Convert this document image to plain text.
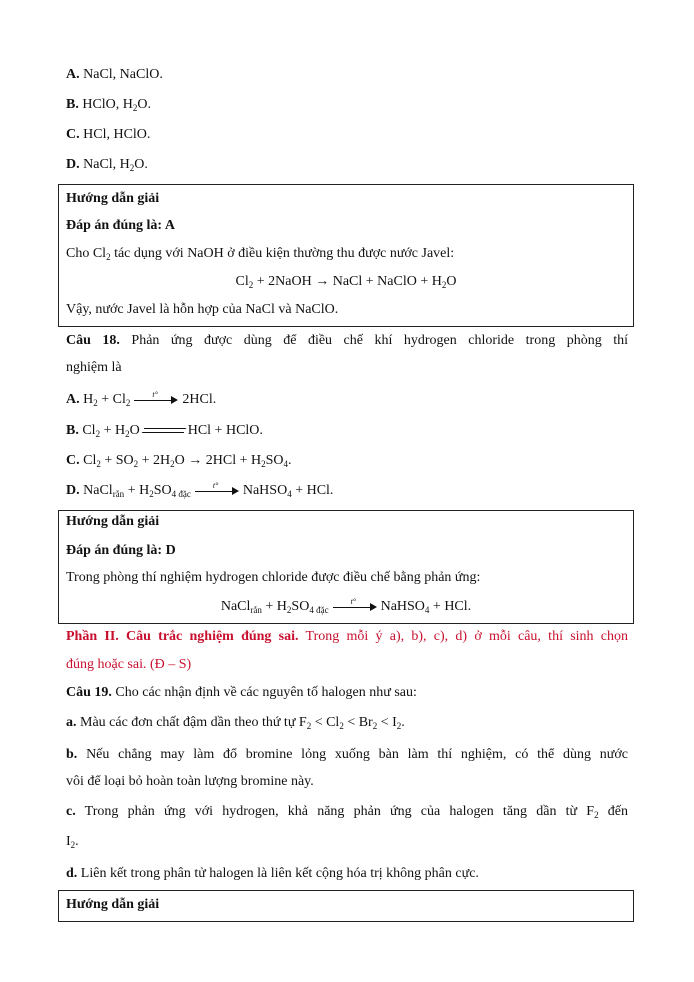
A. NaCl, NaClO.
B. HClO, $H_2O$.
C. HCl, HClO.
D. NaCl, $H_2O$.
Hướng dẫn giải
Đáp án đúng là: A
Cho $Cl_2$ tác dụng với NaOH ở điều kiện thường thu được nước Javel:
$Cl_2$ + 2NaOH → NaCl + NaClO + $H_2O$
Vậy, nước Javel là hỗn hợp của NaCl và NaClO.
Câu 18. Phản ứng được dùng để điều chế khí hydrogen chloride trong phòng thí
nghiệm là
A. $H_2 + Cl_2$
t° 2HCl.
B. $Cl_2 + H_2O$	HCl + HClO.
C. $Cl_2 + SO_2 + 2H_2O \to 2HCl + H_2SO_4$.
D. NaCl$_{rắn}$ + $H_2SO_{4 đặc}$
t° NaHSO$_4$ + HCl.
Hướng dẫn giải
Đáp án đúng là: D
Trong phòng thí nghiệm hydrogen chloride được điều chế bằng phản ứng:
NaCl$_{rắn}$ + $H_2SO_{4 đặc}$
t° NaHSO$_4$ + HCl.
Phần II. Câu trắc nghiệm đúng sai. Trong mỗi ý a), b), c), d) ở mỗi câu, thí sinh chọn
đúng hoặc sai. (Đ – S)
Câu 19. Cho các nhận định về các nguyên tố halogen như sau:
a. Màu các đơn chất đậm dần theo thứ tự $F_2 < Cl_2 < Br_2 < I_2$.
b. Nếu chẳng may làm đổ bromine lỏng xuống bàn làm thí nghiệm, có thể dùng nước
vôi để loại bỏ hoàn toàn lượng bromine này.
c. Trong phản ứng với hydrogen, khả năng phản ứng của halogen tăng dần từ $F_2$ đến
$I_2$.
d. Liên kết trong phân tử halogen là liên kết cộng hóa trị không phân cực.
Hướng dẫn giải
